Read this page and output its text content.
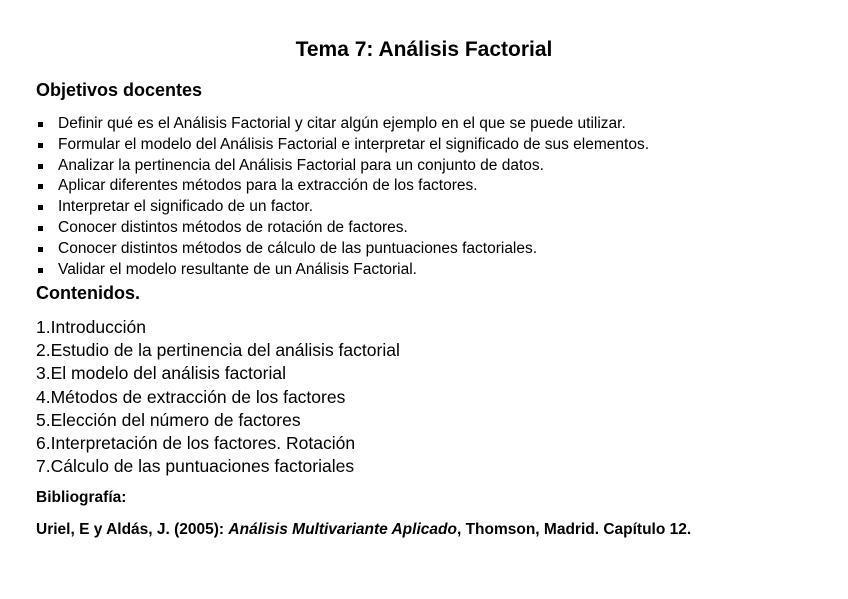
Tema 7: Análisis Factorial
Objetivos docentes
Definir qué es el Análisis Factorial y citar algún ejemplo en el que se puede utilizar.
Formular el modelo del Análisis Factorial e interpretar el significado de sus elementos.
Analizar la pertinencia del Análisis Factorial para un conjunto de datos.
Aplicar diferentes métodos para la extracción de los factores.
Interpretar el significado de un factor.
Conocer distintos métodos de rotación de factores.
Conocer distintos métodos de cálculo de las puntuaciones factoriales.
Validar el modelo resultante de un Análisis Factorial.
Contenidos.
1.Introducción
2.Estudio de la pertinencia del análisis factorial
3.El modelo del análisis factorial
4.Métodos de extracción de los factores
5.Elección del número de factores
6.Interpretación de los factores. Rotación
7.Cálculo de las puntuaciones factoriales
Bibliografía:
Uriel, E y Aldás, J. (2005): Análisis Multivariante Aplicado, Thomson, Madrid. Capítulo 12.
